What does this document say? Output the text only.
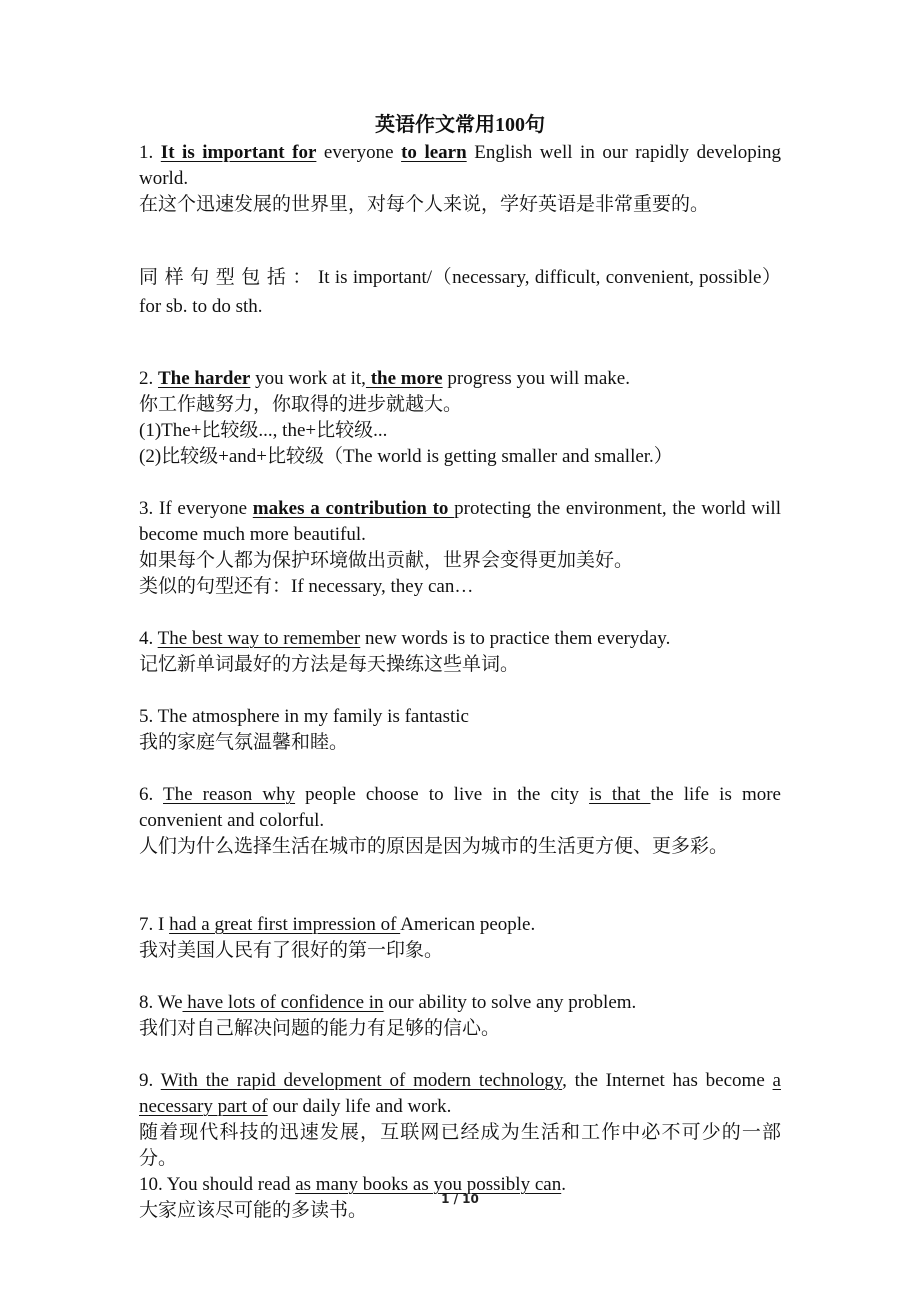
英语作文常用100句

1. It is important for everyone to learn English well in our rapidly developing world.

在这个迅速发展的世界里，对每个人来说，学好英语是非常重要的。

同样句型包括：It is important/（necessary, difficult, convenient, possible）for sb. to do sth.

2. The harder you work at it, the more progress you will make.

你工作越努力，你取得的进步就越大。

(1)The+比较级..., the+比较级...

(2)比较级+and+比较级（The world is getting smaller and smaller.）

3. If everyone makes a contribution to protecting the environment, the world will become much more beautiful.

如果每个人都为保护环境做出贡献，世界会变得更加美好。

类似的句型还有：If necessary, they can…

4. The best way to remember new words is to practice them everyday.

记忆新单词最好的方法是每天操练这些单词。

5. The atmosphere in my family is fantastic

我的家庭气氛温馨和睦。

6. The reason why people choose to live in the city is that the life is more convenient and colorful.

人们为什么选择生活在城市的原因是因为城市的生活更方便、更多彩。

7. I had a great first impression of American people.

我对美国人民有了很好的第一印象。

8. We have lots of confidence in our ability to solve any problem.

我们对自己解决问题的能力有足够的信心。

9. With the rapid development of modern technology, the Internet has become a necessary part of our daily life and work.

随着现代科技的迅速发展，互联网已经成为生活和工作中必不可少的一部分。

10. You should read as many books as you possibly can.

大家应该尽可能的多读书。

1 / 10
